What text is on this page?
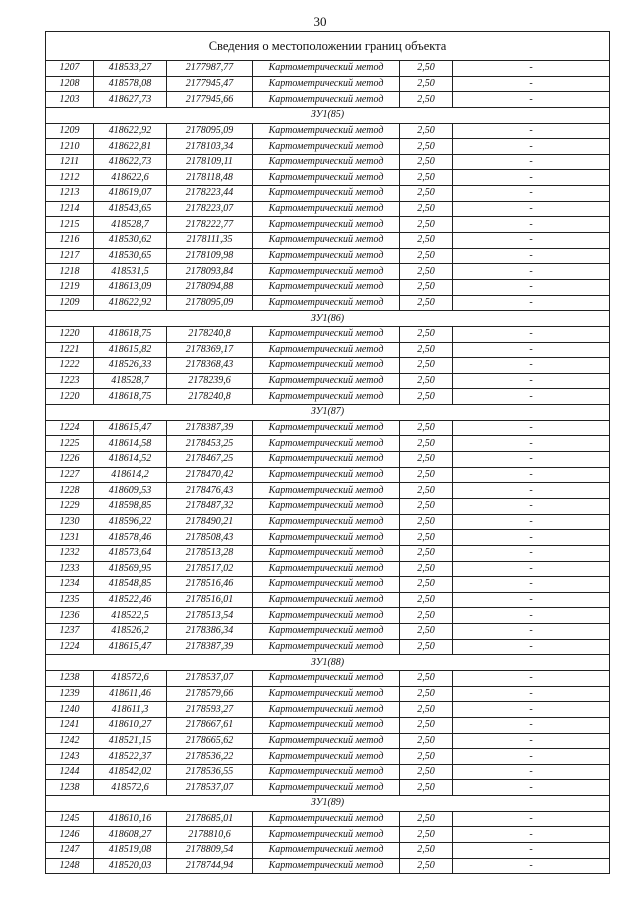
30
Сведения о местоположении границ объекта					
1207	418533,27	2177987,77	Картометрический метод	2,50	-
1208	418578,08	2177945,47	Картометрический метод	2,50	-
1203	418627,73	2177945,66	Картометрический метод	2,50	-
ЗУ1(85)					
1209	418622,92	2178095,09	Картометрический метод	2,50	-
1210	418622,81	2178103,34	Картометрический метод	2,50	-
1211	418622,73	2178109,11	Картометрический метод	2,50	-
1212	418622,6	2178118,48	Картометрический метод	2,50	-
1213	418619,07	2178223,44	Картометрический метод	2,50	-
1214	418543,65	2178223,07	Картометрический метод	2,50	-
1215	418528,7	2178222,77	Картометрический метод	2,50	-
1216	418530,62	2178111,35	Картометрический метод	2,50	-
1217	418530,65	2178109,98	Картометрический метод	2,50	-
1218	418531,5	2178093,84	Картометрический метод	2,50	-
1219	418613,09	2178094,88	Картометрический метод	2,50	-
1209	418622,92	2178095,09	Картометрический метод	2,50	-
ЗУ1(86)					
1220	418618,75	2178240,8	Картометрический метод	2,50	-
1221	418615,82	2178369,17	Картометрический метод	2,50	-
1222	418526,33	2178368,43	Картометрический метод	2,50	-
1223	418528,7	2178239,6	Картометрический метод	2,50	-
1220	418618,75	2178240,8	Картометрический метод	2,50	-
ЗУ1(87)					
1224	418615,47	2178387,39	Картометрический метод	2,50	-
1225	418614,58	2178453,25	Картометрический метод	2,50	-
1226	418614,52	2178467,25	Картометрический метод	2,50	-
1227	418614,2	2178470,42	Картометрический метод	2,50	-
1228	418609,53	2178476,43	Картометрический метод	2,50	-
1229	418598,85	2178487,32	Картометрический метод	2,50	-
1230	418596,22	2178490,21	Картометрический метод	2,50	-
1231	418578,46	2178508,43	Картометрический метод	2,50	-
1232	418573,64	2178513,28	Картометрический метод	2,50	-
1233	418569,95	2178517,02	Картометрический метод	2,50	-
1234	418548,85	2178516,46	Картометрический метод	2,50	-
1235	418522,46	2178516,01	Картометрический метод	2,50	-
1236	418522,5	2178513,54	Картометрический метод	2,50	-
1237	418526,2	2178386,34	Картометрический метод	2,50	-
1224	418615,47	2178387,39	Картометрический метод	2,50	-
ЗУ1(88)					
1238	418572,6	2178537,07	Картометрический метод	2,50	-
1239	418611,46	2178579,66	Картометрический метод	2,50	-
1240	418611,3	2178593,27	Картометрический метод	2,50	-
1241	418610,27	2178667,61	Картометрический метод	2,50	-
1242	418521,15	2178665,62	Картометрический метод	2,50	-
1243	418522,37	2178536,22	Картометрический метод	2,50	-
1244	418542,02	2178536,55	Картометрический метод	2,50	-
1238	418572,6	2178537,07	Картометрический метод	2,50	-
ЗУ1(89)					
1245	418610,16	2178685,01	Картометрический метод	2,50	-
1246	418608,27	2178810,6	Картометрический метод	2,50	-
1247	418519,08	2178809,54	Картометрический метод	2,50	-
1248	418520,03	2178744,94	Картометрический метод	2,50	-
